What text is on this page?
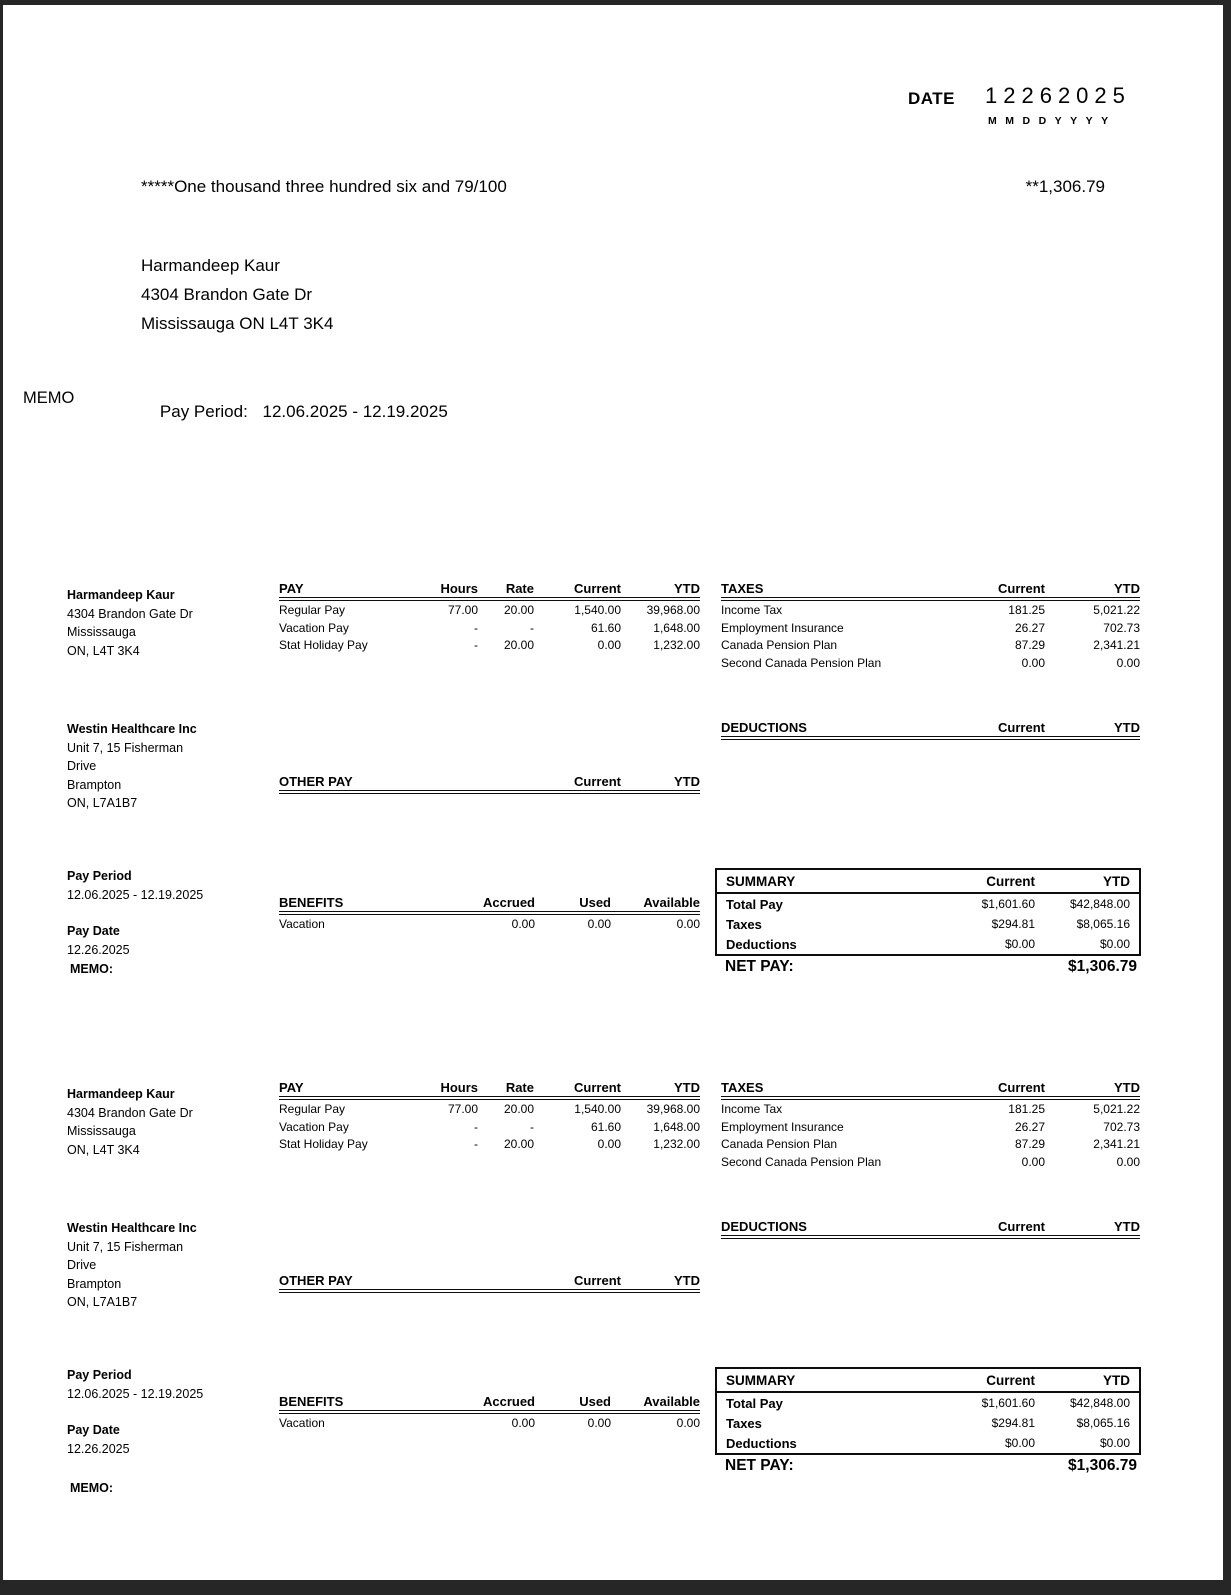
DATE 12262025
MMDDYYYY
*****One thousand three hundred six and 79/100	**1,306.79
Harmandeep Kaur
4304 Brandon Gate Dr
Mississauga ON L4T 3K4
MEMO

Pay Period: 12.06.2025 - 12.19.2025

Harmandeep Kaur
4304 Brandon Gate Dr
Mississauga
ON, L4T 3K4
Westin Healthcare Inc
Unit 7, 15 Fisherman
Drive
Brampton
ON, L7A1B7
Pay Period
12.06.2025 - 12.19.2025
Pay Date
12.26.2025
MEMO:
PAY	Hours	Rate	Current	YTD
Regular Pay	77.00	20.00	1,540.00	39,968.00
Vacation Pay	-	-	61.60	1,648.00
Stat Holiday Pay	-	20.00	0.00	1,232.00
TAXES	Current	YTD
Income Tax	181.25	5,021.22
Employment Insurance	26.27	702.73
Canada Pension Plan	87.29	2,341.21
Second Canada Pension Plan	0.00	0.00
DEDUCTIONS	Current	YTD
OTHER PAY	Current	YTD
BENEFITS	Accrued	Used	Available
Vacation	0.00	0.00	0.00
SUMMARY	Current	YTD
Total Pay	$1,601.60	$42,848.00
Taxes	$294.81	$8,065.16
Deductions	$0.00	$0.00
NET PAY:	$1,306.79
Harmandeep Kaur
4304 Brandon Gate Dr
Mississauga
ON, L4T 3K4
Westin Healthcare Inc
Unit 7, 15 Fisherman
Drive
Brampton
ON, L7A1B7
Pay Period
12.06.2025 - 12.19.2025
Pay Date
12.26.2025
MEMO:
PAY	Hours	Rate	Current	YTD
Regular Pay	77.00	20.00	1,540.00	39,968.00
Vacation Pay	-	-	61.60	1,648.00
Stat Holiday Pay	-	20.00	0.00	1,232.00
TAXES	Current	YTD
Income Tax	181.25	5,021.22
Employment Insurance	26.27	702.73
Canada Pension Plan	87.29	2,341.21
Second Canada Pension Plan	0.00	0.00
DEDUCTIONS	Current	YTD
OTHER PAY	Current	YTD
BENEFITS	Accrued	Used	Available
Vacation	0.00	0.00	0.00
SUMMARY	Current	YTD
Total Pay	$1,601.60	$42,848.00
Taxes	$294.81	$8,065.16
Deductions	$0.00	$0.00
NET PAY:	$1,306.79
